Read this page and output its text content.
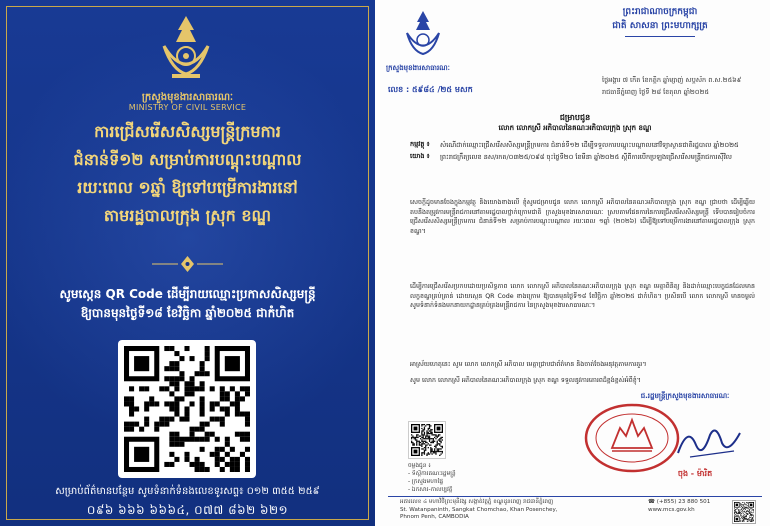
ក្រសួងមុខងារសាធារណៈ
MINISTRY OF CIVIL SERVICE
ការជ្រើសរើសសិស្សមន្ត្រីក្រមការ
ជំនាន់ទី១២ សម្រាប់ការបណ្តុះបណ្តាល
រយៈពេល ១ឆ្នាំ ឱ្យទៅបម្រើការងារនៅ
តាមរដ្ឋបាលក្រុង ស្រុក ខណ្ឌ
សូមស្កេន QR Code ដើម្បីរាយឈ្មោះប្រកាសសិស្សមន្ត្រី
ឱ្យបានមុនថ្ងៃទី១៨ ខែវិច្ឆិកា ឆ្នាំ២០២៥ ជាកំហិត
សម្រាប់ព័ត៌មានបន្ថែម សូមទំនាក់ទំនងលេខទូរសព្ទ៖ ០១២ ៣៥៥ ២៥៩
០៩៦ ៦៦៦ ៦៦៦៤, ០៧៧ ៨៦២ ៦២១
ក្រសួងមុខងារសាធារណៈ
ព្រះរាជាណាចក្រកម្ពុជា
ជាតិ សាសនា ព្រះមហាក្សត្រ
ថ្ងៃអង្គារ ៧ កើត ខែកត្តិក ឆ្នាំម្សាញ់ សប្តស័ក ព.ស.២៥៦៩
លេខ : ៥៩៨៤ /២៥ មសក	រាជធានីភ្នំពេញ ថ្ងៃទី ២៨ ខែតុលា ឆ្នាំ២០២៥
ជម្រាបជូន
លោក លោកស្រី អភិបាលនៃគណៈអភិបាលក្រុង ស្រុក ខណ្ឌ
កម្មវត្ថុ ៖	សំណើដាក់ឈ្មោះជ្រើសរើសសិស្សមន្ត្រីក្រមការ ជំនាន់ទី១២ ដើម្បីទទួលការបណ្តុះបណ្តាលនៅវិទ្យាស្ថានជាតិរដ្ឋបាល ឆ្នាំ២០២៥
យោង ៖	ព្រះរាជក្រឹត្យលេខ នស/រកត/០៣២៥/០៩៨ ចុះថ្ងៃទី២០ ខែមីនា ឆ្នាំ២០២៥ ស្តីពីការបើកប្រឡងជ្រើសរើសមន្ត្រីរាជការស៊ីវិល
សេចក្តីដូចមានចែងក្នុងកម្មវត្ថុ និងយោងខាងលើ ខ្ញុំសូមជម្រាបជូន លោក លោកស្រី អភិបាលនៃគណៈអភិបាលក្រុង ស្រុក ខណ្ឌ ជ្រាបថា ដើម្បីឆ្លើយតបនឹងតម្រូវការមន្ត្រីរាជការនៅតាមរដ្ឋបាលថ្នាក់ក្រោមជាតិ ក្រសួងមុខងារសាធារណៈ ស្របតាមផែនការនៃការជ្រើសរើសសិស្សមន្ត្រី ទើបបានរៀបចំការជ្រើសរើសសិស្សមន្ត្រីក្រមការ ជំនាន់ទី១២ សម្រាប់ការបណ្តុះបណ្តាល រយៈពេល ១ឆ្នាំ (២០២៦) ដើម្បីឱ្យទៅបម្រើការងារនៅតាមរដ្ឋបាលក្រុង ស្រុក ខណ្ឌ។
ដើម្បីការជ្រើសរើសប្រកបដោយប្រសិទ្ធភាព លោក លោកស្រី អភិបាលនៃគណៈអភិបាលក្រុង ស្រុក ខណ្ឌ មេត្តាពិនិត្យ និងដាក់ឈ្មោះបេក្ខជនដែលមានលក្ខខណ្ឌគ្រប់គ្រាន់ ដោយស្កេន QR Code ខាងក្រោម ឱ្យបានមុនថ្ងៃទី១៨ ខែវិច្ឆិកា ឆ្នាំ២០២៥ ជាកំហិត។ ប្រសិនបើ លោក លោកស្រី មានចម្ងល់ សូមទំនាក់ទំនងមកនាយកដ្ឋានគ្រប់គ្រងមន្ត្រីរាជការ នៃក្រសួងមុខងារសាធារណៈ។
អាស្រ័យហេតុនេះ សូម លោក លោកស្រី អភិបាល មេត្តាជ្រាបជាព័ត៌មាន និងចាត់ចែងអនុវត្តតាមការគួរ។
សូម លោក លោកស្រី អភិបាលនៃគណៈអភិបាលក្រុង ស្រុក ខណ្ឌ ទទួលនូវការគោរពដ៏ខ្ពង់ខ្ពស់អំពីខ្ញុំ។
ជ.រដ្ឋមន្ត្រីក្រសួងមុខងារសាធារណៈ
ចុង - ម៉ារិត
ចម្លងជូន ៖
- ទីស្តីការគណៈរដ្ឋមន្ត្រី
- ក្រសួងមហាផ្ទៃ
- ឯកសារ-កាលប្បវត្តិ
អគារលេខ ៤ មហាវិថីព្រះមុនីវង្ស សង្កាត់វត្តភ្នំ ខណ្ឌដូនពេញ រាជធានីភ្នំពេញ
St. Watanpaninth, Sangkat Chomchao, Khan Posenchey,
Phnom Penh, CAMBODIA
☎ (+855) 23 880 501
www.mcs.gov.kh
